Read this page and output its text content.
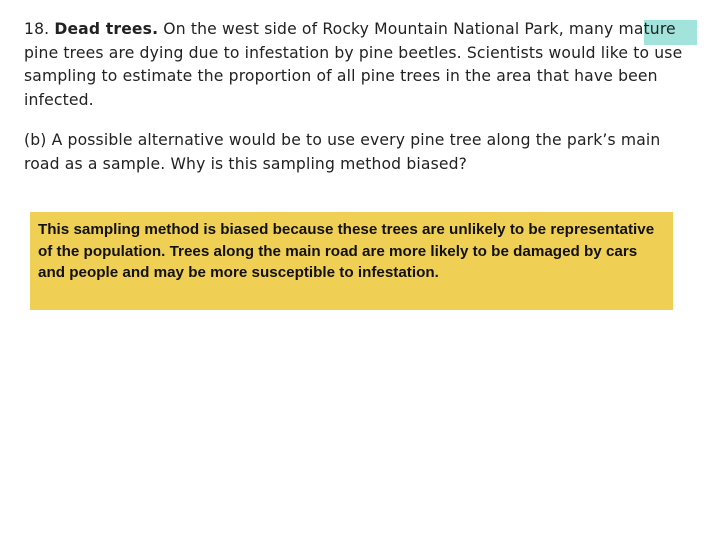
18. Dead trees. On the west side of Rocky Mountain National Park, many mature pine trees are dying due to infestation by pine beetles. Scientists would like to use sampling to estimate the proportion of all pine trees in the area that have been infected.

(b) A possible alternative would be to use every pine tree along the park’s main road as a sample. Why is this sampling method biased?

This sampling method is biased because these trees are unlikely to be representative of the population. Trees along the main road are more likely to be damaged by cars and people and may be more susceptible to infestation.
